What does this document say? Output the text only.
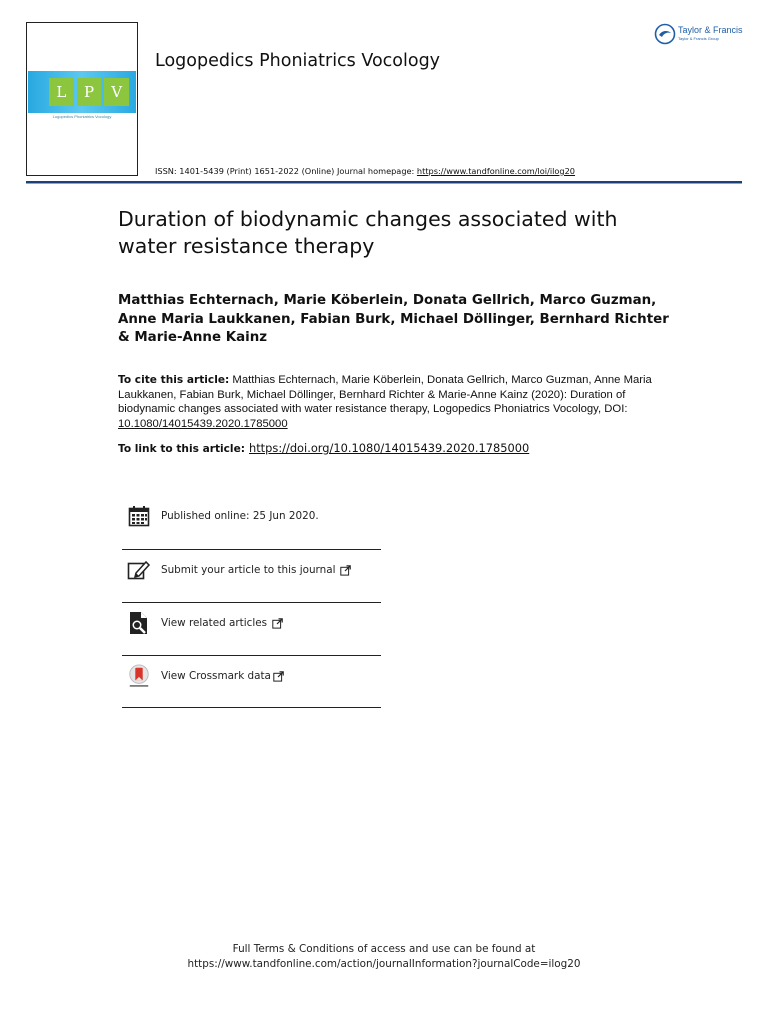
L	P	V
Logopedics Phoniatrics Vocology
Logopedics Phoniatrics Vocology
ISSN: 1401-5439 (Print) 1651-2022 (Online) Journal homepage: https://www.tandfonline.com/loi/ilog20
Taylor & Francis
Taylor & Francis Group
Duration of biodynamic changes associated with water resistance therapy
Matthias Echternach, Marie Köberlein, Donata Gellrich, Marco Guzman, Anne Maria Laukkanen, Fabian Burk, Michael Döllinger, Bernhard Richter & Marie-Anne Kainz
To cite this article: Matthias Echternach, Marie Köberlein, Donata Gellrich, Marco Guzman, Anne Maria Laukkanen, Fabian Burk, Michael Döllinger, Bernhard Richter & Marie-Anne Kainz (2020): Duration of biodynamic changes associated with water resistance therapy, Logopedics Phoniatrics Vocology, DOI: 10.1080/14015439.2020.1785000
To link to this article: https://doi.org/10.1080/14015439.2020.1785000
Published online: 25 Jun 2020.
Submit your article to this journal
View related articles
View Crossmark data
Full Terms & Conditions of access and use can be found at
https://www.tandfonline.com/action/journalInformation?journalCode=ilog20
